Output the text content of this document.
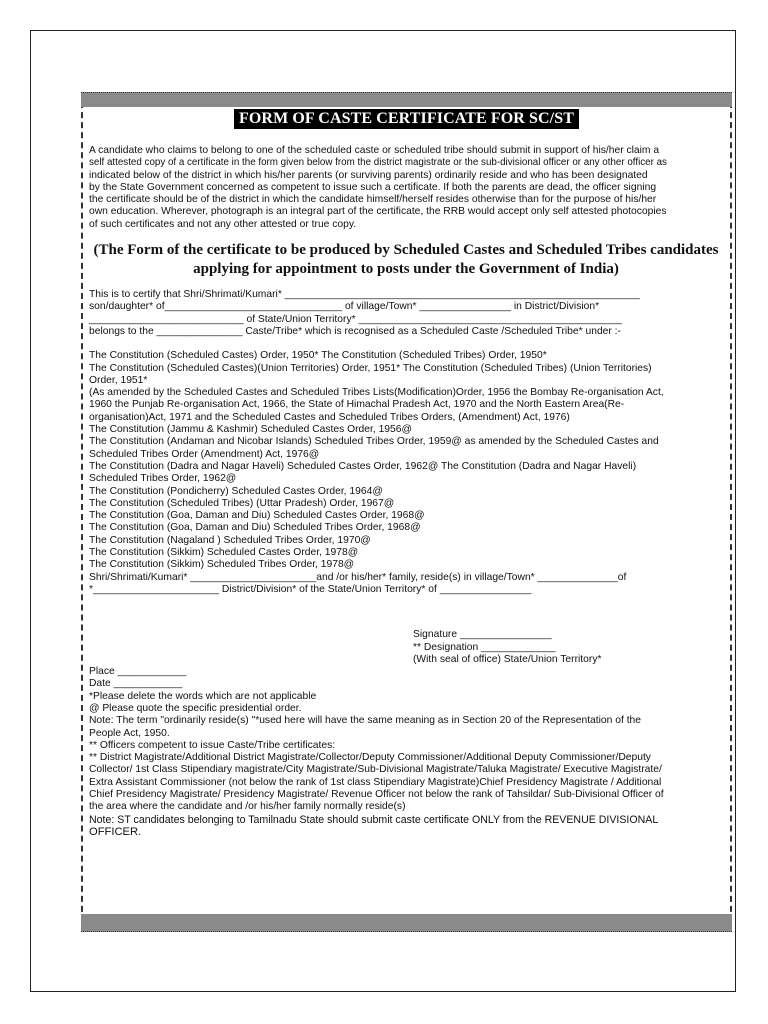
FORM OF CASTE CERTIFICATE FOR SC/ST

A candidate who claims to belong to one of the scheduled caste or scheduled tribe should submit in support of his/her claim a

self attested copy of a certificate in the form given below from the district magistrate or the sub-divisional officer or any other officer as

indicated below of the district in which his/her parents (or surviving parents) ordinarily reside and who has been designated

by the State Government concerned as competent to issue such a certificate. If both the parents are dead, the officer signing

the certificate should be of the district in which the candidate himself/herself resides otherwise than for the purpose of his/her

own education. Wherever, photograph is an integral part of the certificate, the RRB would accept only self attested photocopies

of such certificates and not any other attested or true copy.

(The Form of the certificate to be produced by Scheduled Castes and Scheduled Tribes candidates

applying for appointment to posts under the Government of India)

This is to certify that Shri/Shrimati/Kumari* ______________________________________________________________

son/daughter* of_______________________________ of village/Town* ________________ in District/Division*

___________________________ of State/Union Territory* ______________________________________________

belongs to the _______________ Caste/Tribe* which is recognised as a Scheduled Caste /Scheduled Tribe* under :-

The Constitution (Scheduled Castes) Order, 1950* The Constitution (Scheduled Tribes) Order, 1950*

The Constitution (Scheduled Castes)(Union Territories) Order, 1951* The Constitution (Scheduled Tribes) (Union Territories)

Order, 1951*

(As amended by the Scheduled Castes and Scheduled Tribes Lists(Modification)Order, 1956 the Bombay Re-organisation Act,

1960 the Punjab Re-organisation Act, 1966, the State of Himachal Pradesh Act, 1970 and the North Eastern Area(Re-

organisation)Act, 1971 and the Scheduled Castes and Scheduled Tribes Orders, (Amendment) Act, 1976)

The Constitution (Jammu & Kashmir) Scheduled Castes Order, 1956@

The Constitution (Andaman and Nicobar Islands) Scheduled Tribes Order, 1959@ as amended by the Scheduled Castes and

Scheduled Tribes Order (Amendment) Act, 1976@

The Constitution (Dadra and Nagar Haveli) Scheduled Castes Order, 1962@ The Constitution (Dadra and Nagar Haveli)

Scheduled Tribes Order, 1962@

The Constitution (Pondicherry) Scheduled Castes Order, 1964@

The Constitution (Scheduled Tribes) (Uttar Pradesh) Order, 1967@

The Constitution (Goa, Daman and Diu) Scheduled Castes Order, 1968@

The Constitution (Goa, Daman and Diu) Scheduled Tribes Order, 1968@

The Constitution (Nagaland ) Scheduled Tribes Order, 1970@

The Constitution (Sikkim) Scheduled Castes Order, 1978@

The Constitution (Sikkim) Scheduled Tribes Order, 1978@

Shri/Shrimati/Kumari* ______________________and /or his/her* family, reside(s) in village/Town* ______________of

*______________________ District/Division* of the State/Union Territory* of ________________

Signature ________________

** Designation _____________

(With seal of office) State/Union Territory*

Place ____________

Date ____________

*Please delete the words which are not applicable

@ Please quote the specific presidential order.

Note: The term "ordinarily reside(s) "*used here will have the same meaning as in Section 20 of the Representation of the

People Act, 1950.

** Officers competent to issue Caste/Tribe certificates:

** District Magistrate/Additional District Magistrate/Collector/Deputy Commissioner/Additional Deputy Commissioner/Deputy

Collector/ 1st Class Stipendiary magistrate/City Magistrate/Sub-Divisional Magistrate/Taluka Magistrate/ Executive Magistrate/

Extra Assistant Commissioner (not below the rank of 1st class Stipendiary Magistrate)Chief Presidency Magistrate / Additional

Chief Presidency Magistrate/ Presidency Magistrate/ Revenue Officer not below the rank of Tahsildar/ Sub-Divisional Officer of

the area where the candidate and /or his/her family normally reside(s)

Note: ST candidates belonging to Tamilnadu State should submit caste certificate ONLY from the REVENUE DIVISIONAL

OFFICER.
